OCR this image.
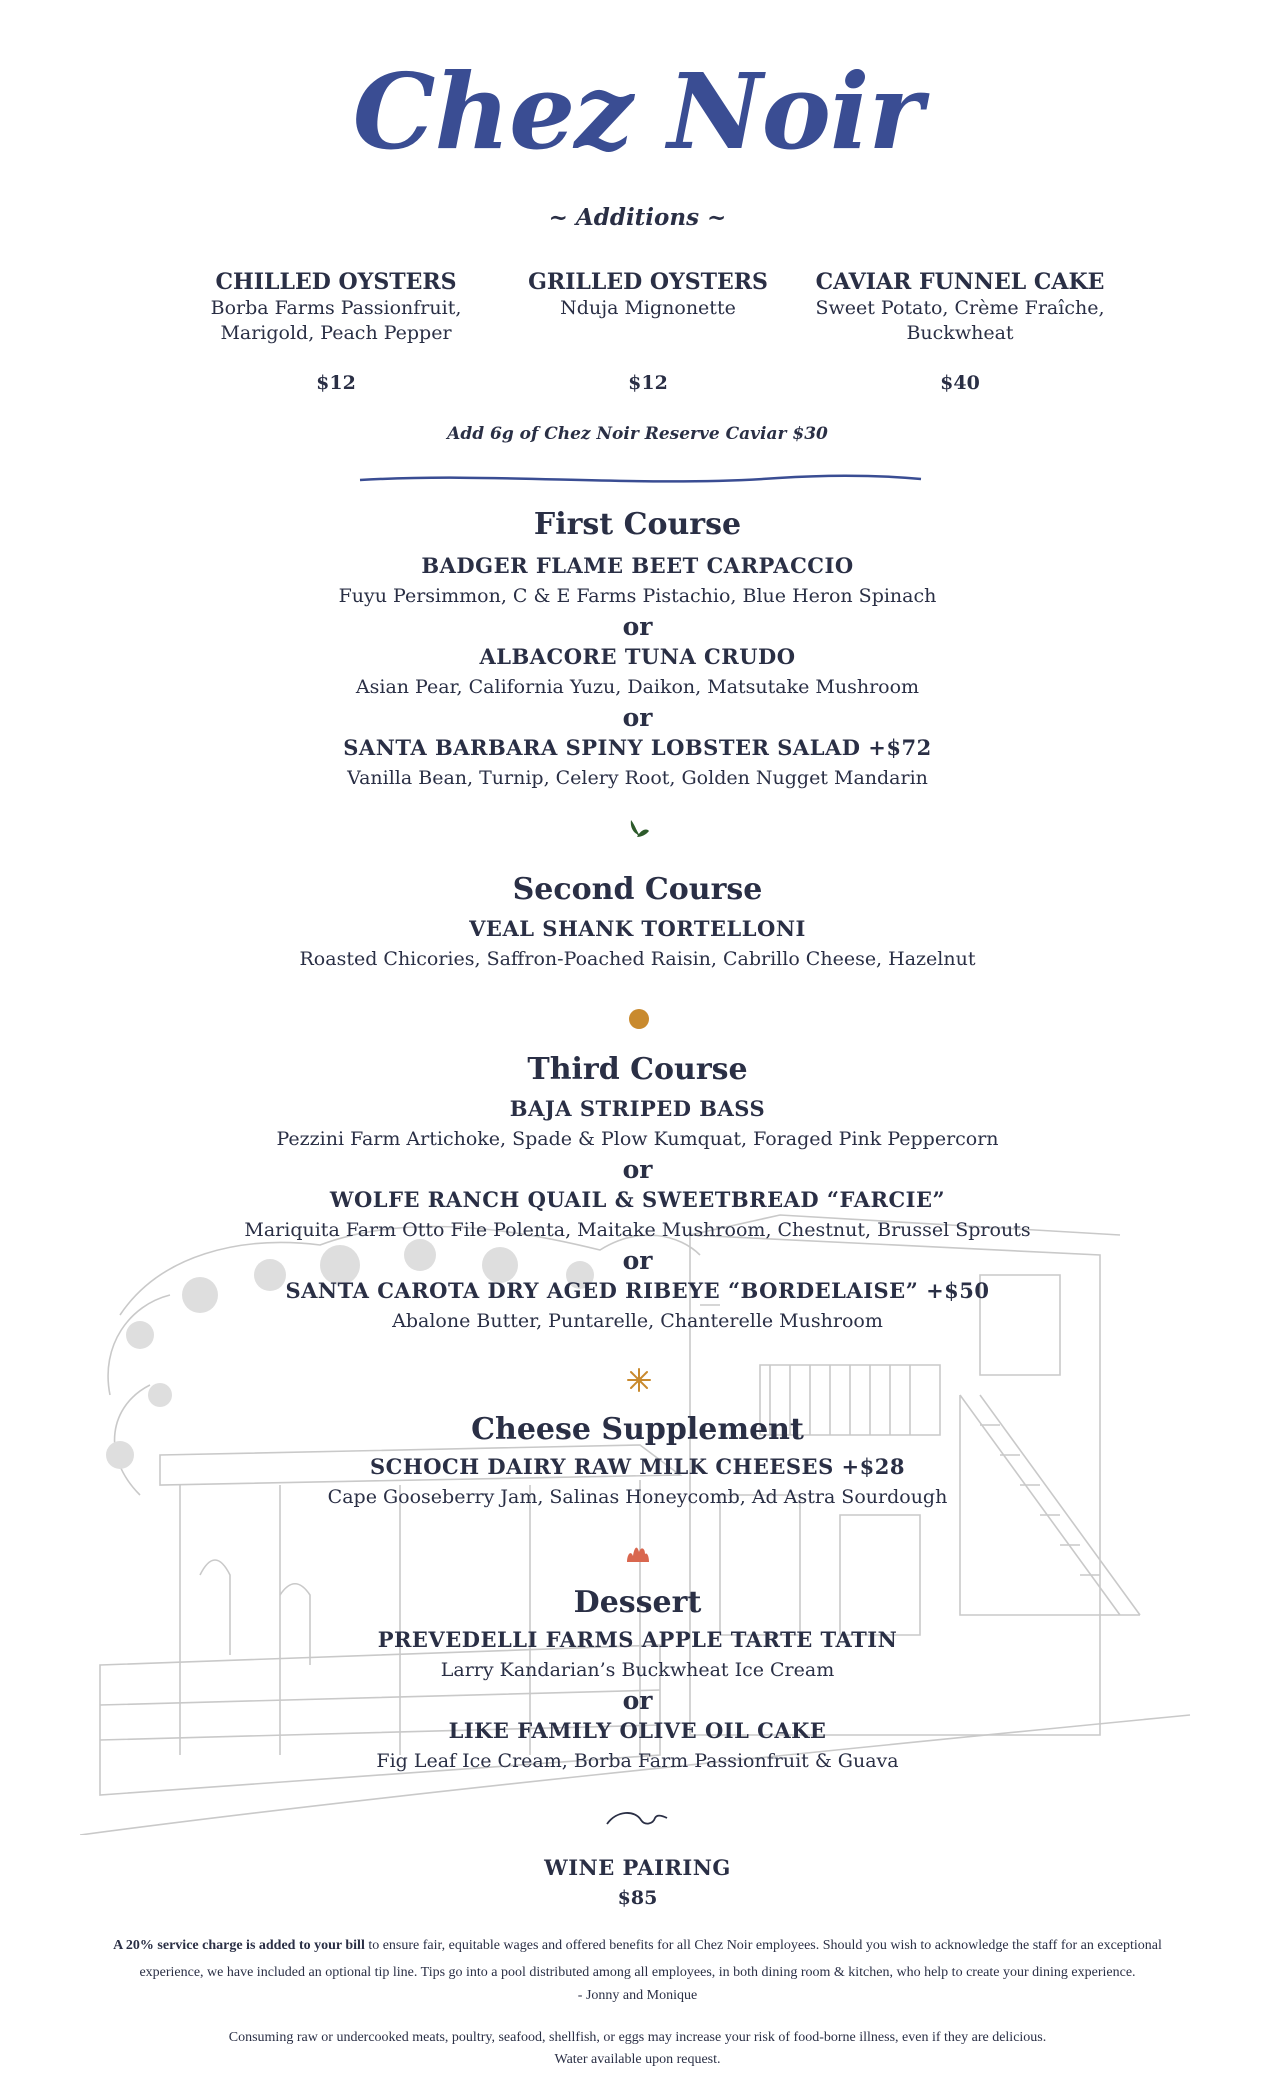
Chez Noir
~ Additions ~
CHILLED OYSTERS
Borba Farms Passionfruit,
Marigold, Peach Pepper
GRILLED OYSTERS
Nduja Mignonette
CAVIAR FUNNEL CAKE
Sweet Potato, Crème Fraîche,
Buckwheat
$12	$12	$40
Add 6g of Chez Noir Reserve Caviar $30
First Course
BADGER FLAME BEET CARPACCIO
Fuyu Persimmon, C & E Farms Pistachio, Blue Heron Spinach
or
ALBACORE TUNA CRUDO
Asian Pear, California Yuzu, Daikon, Matsutake Mushroom
or
SANTA BARBARA SPINY LOBSTER SALAD +$72
Vanilla Bean, Turnip, Celery Root, Golden Nugget Mandarin
Second Course
VEAL SHANK TORTELLONI
Roasted Chicories, Saffron-Poached Raisin, Cabrillo Cheese, Hazelnut
Third Course
BAJA STRIPED BASS
Pezzini Farm Artichoke, Spade & Plow Kumquat, Foraged Pink Peppercorn
or
WOLFE RANCH QUAIL & SWEETBREAD “FARCIE”
Mariquita Farm Otto File Polenta, Maitake Mushroom, Chestnut, Brussel Sprouts
or
SANTA CAROTA DRY AGED RIBEYE “BORDELAISE” +$50
Abalone Butter, Puntarelle, Chanterelle Mushroom
Cheese Supplement
SCHOCH DAIRY RAW MILK CHEESES +$28
Cape Gooseberry Jam, Salinas Honeycomb, Ad Astra Sourdough
Dessert
PREVEDELLI FARMS APPLE TARTE TATIN
Larry Kandarian’s Buckwheat Ice Cream
or
LIKE FAMILY OLIVE OIL CAKE
Fig Leaf Ice Cream, Borba Farm Passionfruit & Guava
WINE PAIRING
$85
A 20% service charge is added to your bill to ensure fair, equitable wages and offered benefits for all Chez Noir employees. Should you wish to acknowledge the staff for an exceptional
experience, we have included an optional tip line. Tips go into a pool distributed among all employees, in both dining room & kitchen, who help to create your dining experience.
- Jonny and Monique
Consuming raw or undercooked meats, poultry, seafood, shellfish, or eggs may increase your risk of food-borne illness, even if they are delicious.
Water available upon request.
